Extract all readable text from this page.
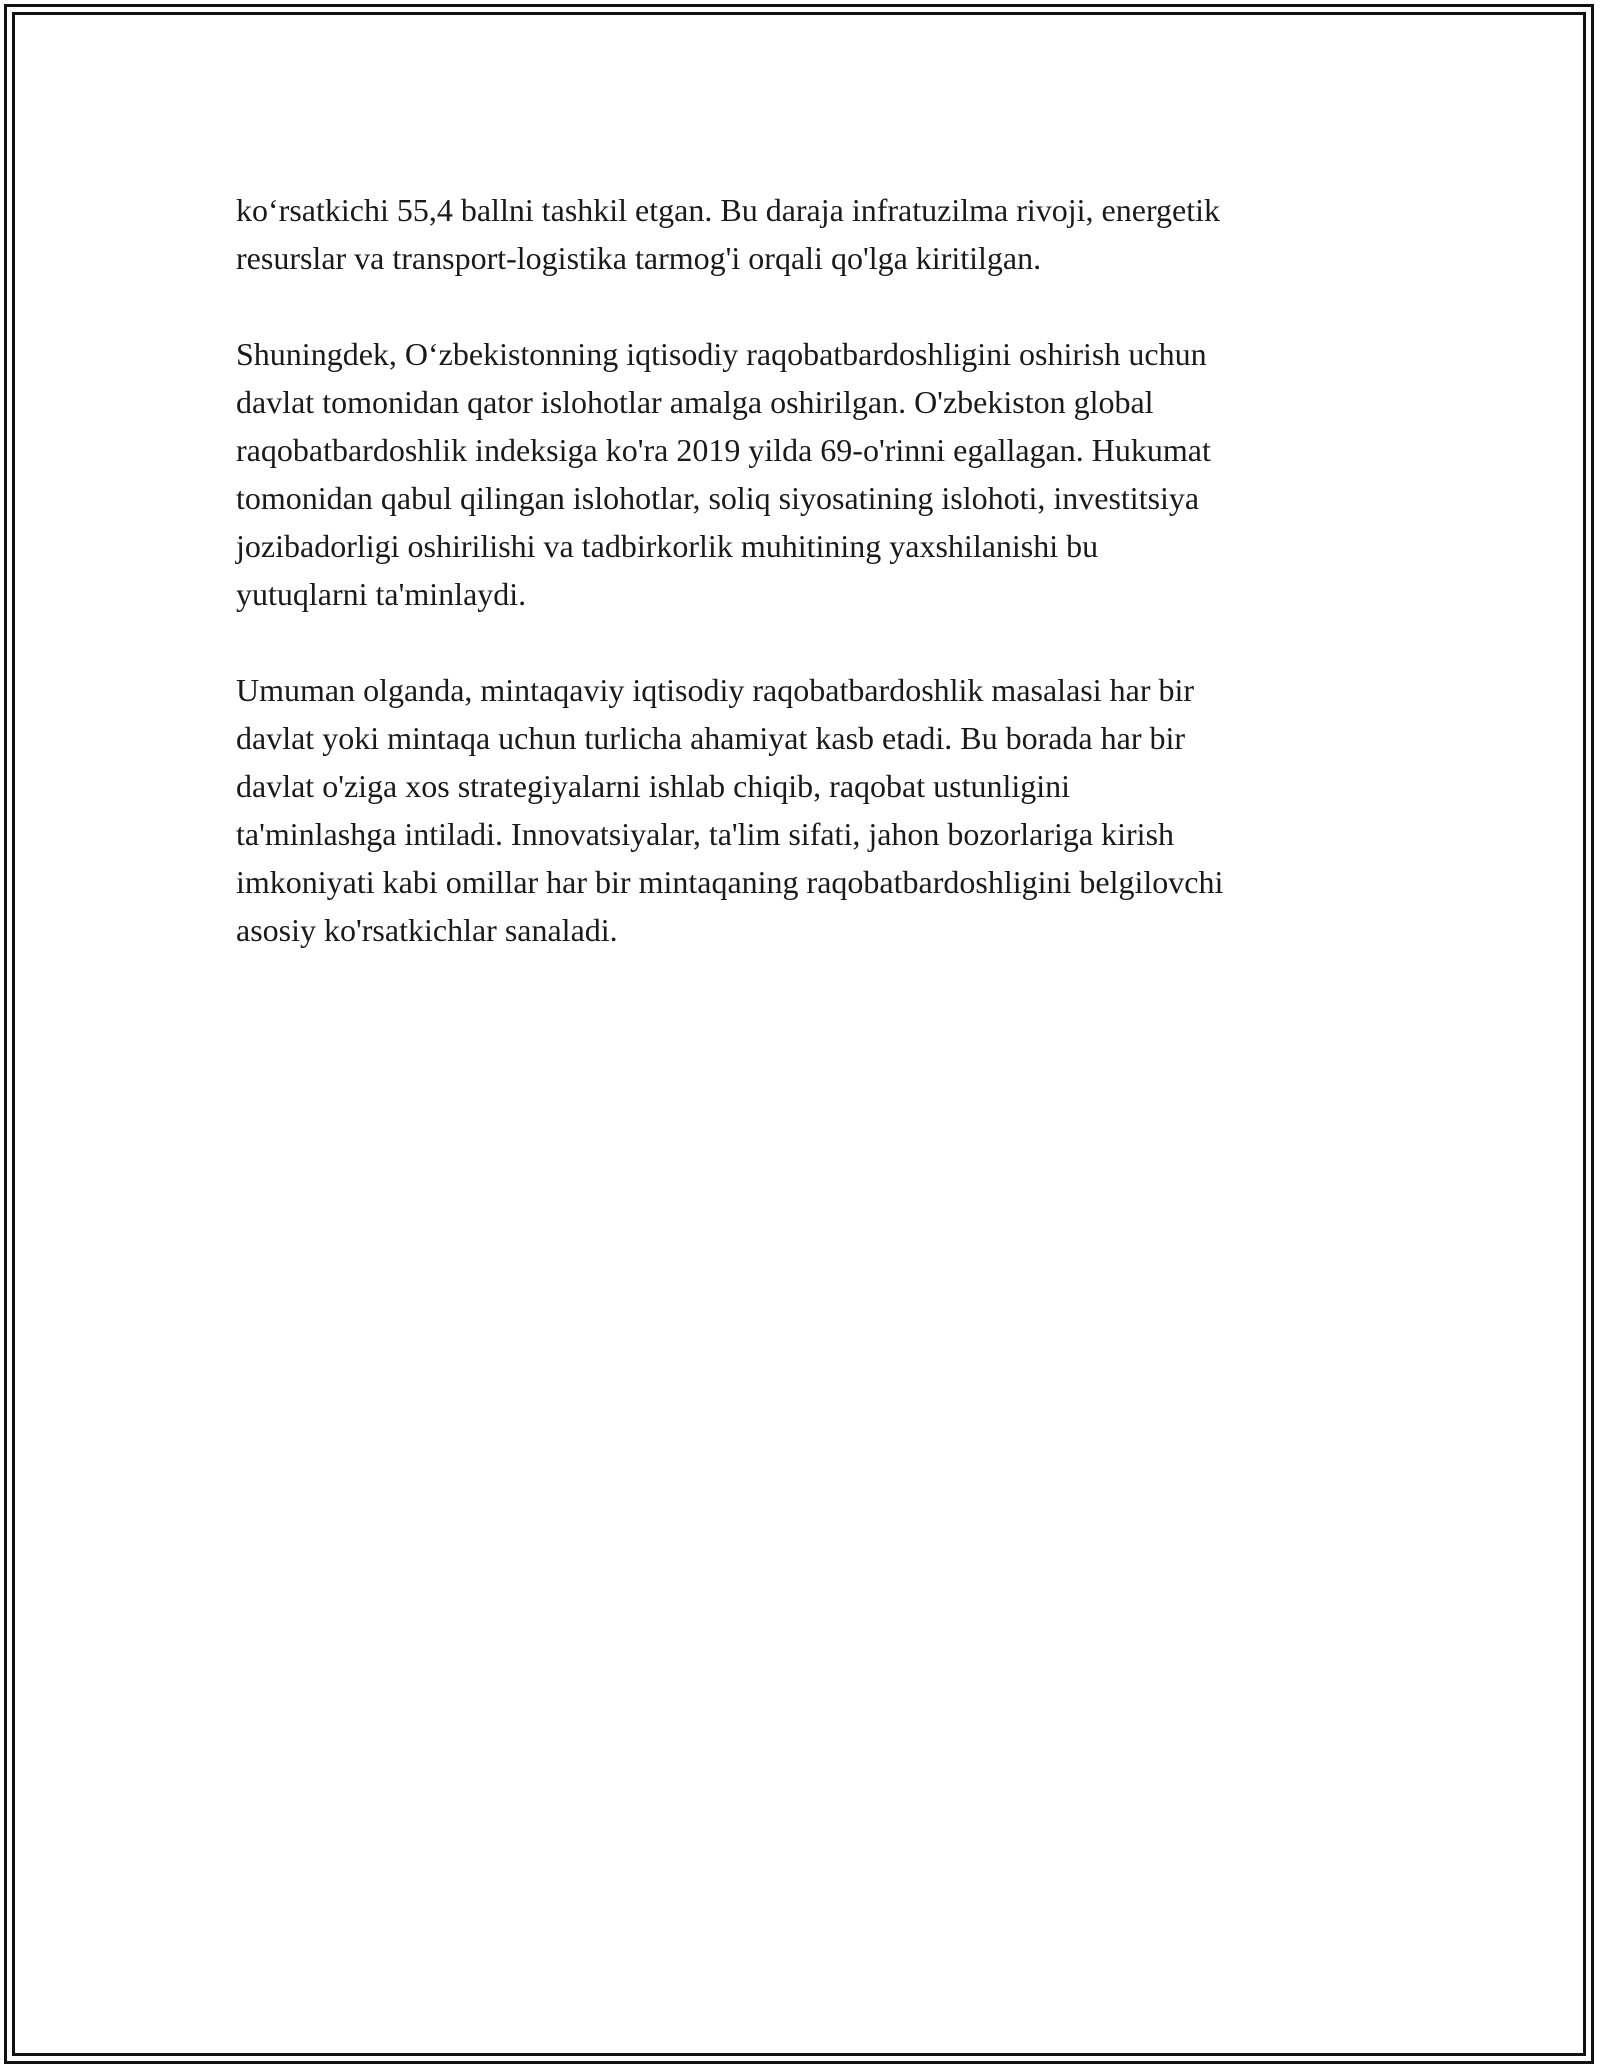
ko‘rsatkichi 55,4 ballni tashkil etgan. Bu daraja infratuzilma rivoji, energetik
resurslar va transport-logistika tarmog'i orqali qo'lga kiritilgan.

Shuningdek, O‘zbekistonning iqtisodiy raqobatbardoshligini oshirish uchun
davlat tomonidan qator islohotlar amalga oshirilgan. O'zbekiston global
raqobatbardoshlik indeksiga ko'ra 2019 yilda 69-o'rinni egallagan. Hukumat
tomonidan qabul qilingan islohotlar, soliq siyosatining islohoti, investitsiya
jozibadorligi oshirilishi va tadbirkorlik muhitining yaxshilanishi bu
yutuqlarni ta'minlaydi.

Umuman olganda, mintaqaviy iqtisodiy raqobatbardoshlik masalasi har bir
davlat yoki mintaqa uchun turlicha ahamiyat kasb etadi. Bu borada har bir
davlat o'ziga xos strategiyalarni ishlab chiqib, raqobat ustunligini
ta'minlashga intiladi. Innovatsiyalar, ta'lim sifati, jahon bozorlariga kirish
imkoniyati kabi omillar har bir mintaqaning raqobatbardoshligini belgilovchi
asosiy ko'rsatkichlar sanaladi.
